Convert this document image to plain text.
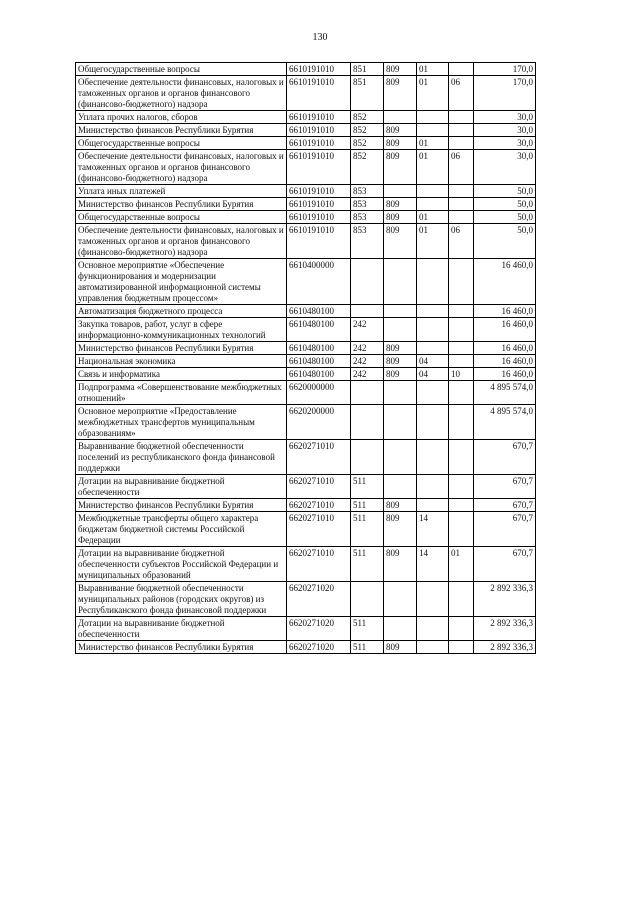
130
Общегосударственные вопросы	6610191010	851	809	01		170,0
Обеспечение деятельности финансовых, налоговых и таможенных органов и органов финансового (финансово-бюджетного) надзора	6610191010	851	809	01	06	170,0
Уплата прочих налогов, сборов	6610191010	852				30,0
Министерство финансов Республики Бурятия	6610191010	852	809			30,0
Общегосударственные вопросы	6610191010	852	809	01		30,0
Обеспечение деятельности финансовых, налоговых и таможенных органов и органов финансового (финансово-бюджетного) надзора	6610191010	852	809	01	06	30,0
Уплата иных платежей	6610191010	853				50,0
Министерство финансов Республики Бурятия	6610191010	853	809			50,0
Общегосударственные вопросы	6610191010	853	809	01		50,0
Обеспечение деятельности финансовых, налоговых и таможенных органов и органов финансового (финансово-бюджетного) надзора	6610191010	853	809	01	06	50,0
Основное мероприятие «Обеспечение функционирования и модернизации автоматизированной информационной системы управления бюджетным процессом»	6610400000					16 460,0
Автоматизация бюджетного процесса	6610480100					16 460,0
Закупка товаров, работ, услуг в сфере информационно-коммуникационных технологий	6610480100	242				16 460,0
Министерство финансов Республики Бурятия	6610480100	242	809			16 460,0
Национальная экономика	6610480100	242	809	04		16 460,0
Связь и информатика	6610480100	242	809	04	10	16 460,0
Подпрограмма «Совершенствование межбюджетных отношений»	6620000000					4 895 574,0
Основное мероприятие «Предоставление межбюджетных трансфертов муниципальным образованиям»	6620200000					4 895 574,0
Выравнивание бюджетной обеспеченности поселений из республиканского фонда финансовой поддержки	6620271010					670,7
Дотации на выравнивание бюджетной обеспеченности	6620271010	511				670,7
Министерство финансов Республики Бурятия	6620271010	511	809			670,7
Межбюджетные трансферты общего характера бюджетам бюджетной системы Российской Федерации	6620271010	511	809	14		670,7
Дотации на выравнивание бюджетной обеспеченности субъектов Российской Федерации и муниципальных образований	6620271010	511	809	14	01	670,7
Выравнивание бюджетной обеспеченности муниципальных районов (городских округов) из Республиканского фонда финансовой поддержки	6620271020					2 892 336,3
Дотации на выравнивание бюджетной обеспеченности	6620271020	511				2 892 336,3
Министерство финансов Республики Бурятия	6620271020	511	809			2 892 336,3
